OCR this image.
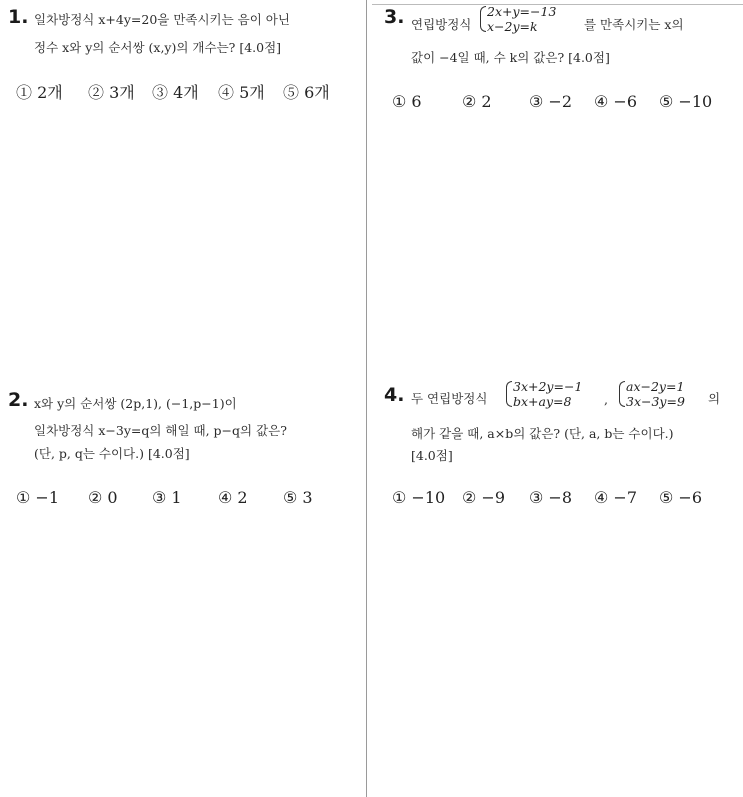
1. 일차방정식 x+4y=20을 만족시키는 음이 아닌
정수 x와 y의 순서쌍 (x,y)의 개수는? [4.0점]
① 2개 ② 3개 ③ 4개 ④ 5개 ⑤ 6개
2. x와 y의 순서쌍 (2p,1), (−1,p−1)이
일차방정식 x−3y=q의 해일 때, p−q의 값은?
(단, p, q는 수이다.) [4.0점]
① −1 ② 0 ③ 1 ④ 2 ⑤ 3
3. 연립방정식
2x+y=−13
x−2y=k	를 만족시키는 x의
값이 −4일 때, 수 k의 값은? [4.0점]
① 6	② 2 ③ −2 ④ −6 ⑤ −10
4. 두 연립방정식
3x+2y=−1
bx+ay=8	,
ax−2y=1
3x−3y=9 의
해가 같을 때, a×b의 값은? (단, a, b는 수이다.)
[4.0점]
① −10 ② −9 ③ −8 ④ −7 ⑤ −6
